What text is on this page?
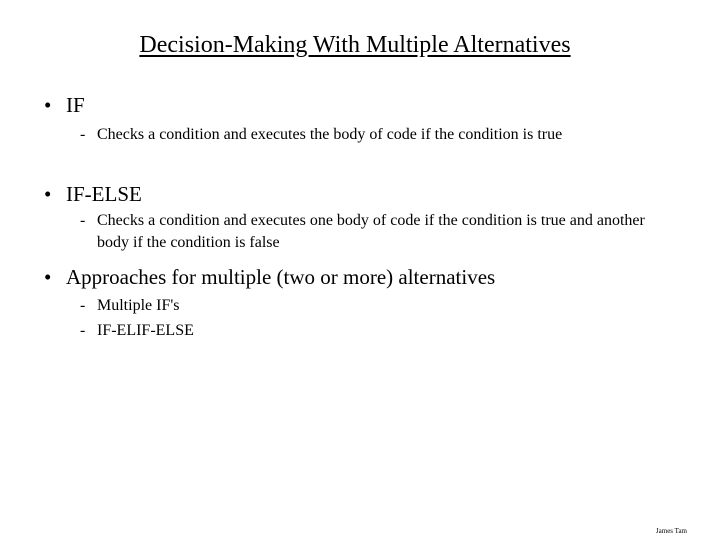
Decision-Making With Multiple Alternatives
• IF
- Checks a condition and executes the body of code if the condition is true
• IF-ELSE
- Checks a condition and executes one body of code if the condition is true and another body if the condition is false
• Approaches for multiple (two or more) alternatives
- Multiple IF's
- IF-ELIF-ELSE
James Tam
